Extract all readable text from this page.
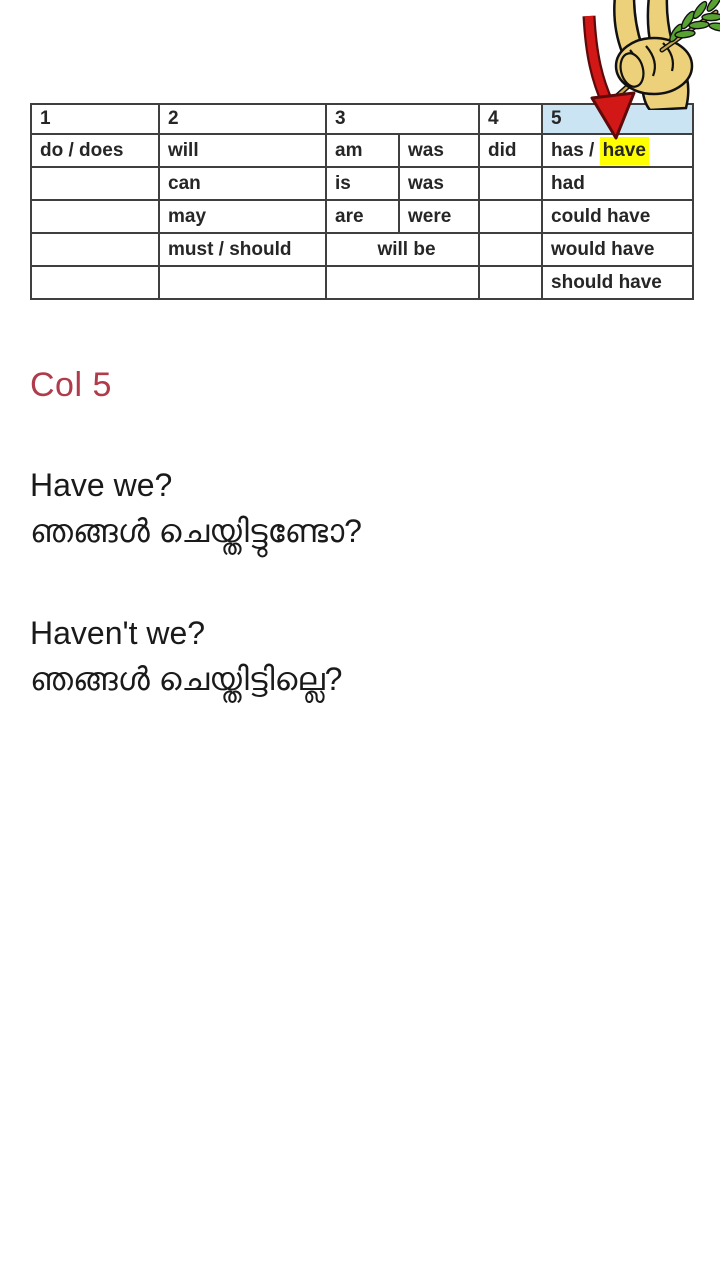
1	2	3		4	5
do / does	will	am	was	did	has / have
	can	is	was		had
	may	are	were		could have
	must / should	will be			would have
					should have
Col 5

Have we?

ഞങ്ങൾ ചെയ്തിട്ടുണ്ടോ?

Haven't we?

ഞങ്ങൾ ചെയ്തിട്ടില്ലെ?
